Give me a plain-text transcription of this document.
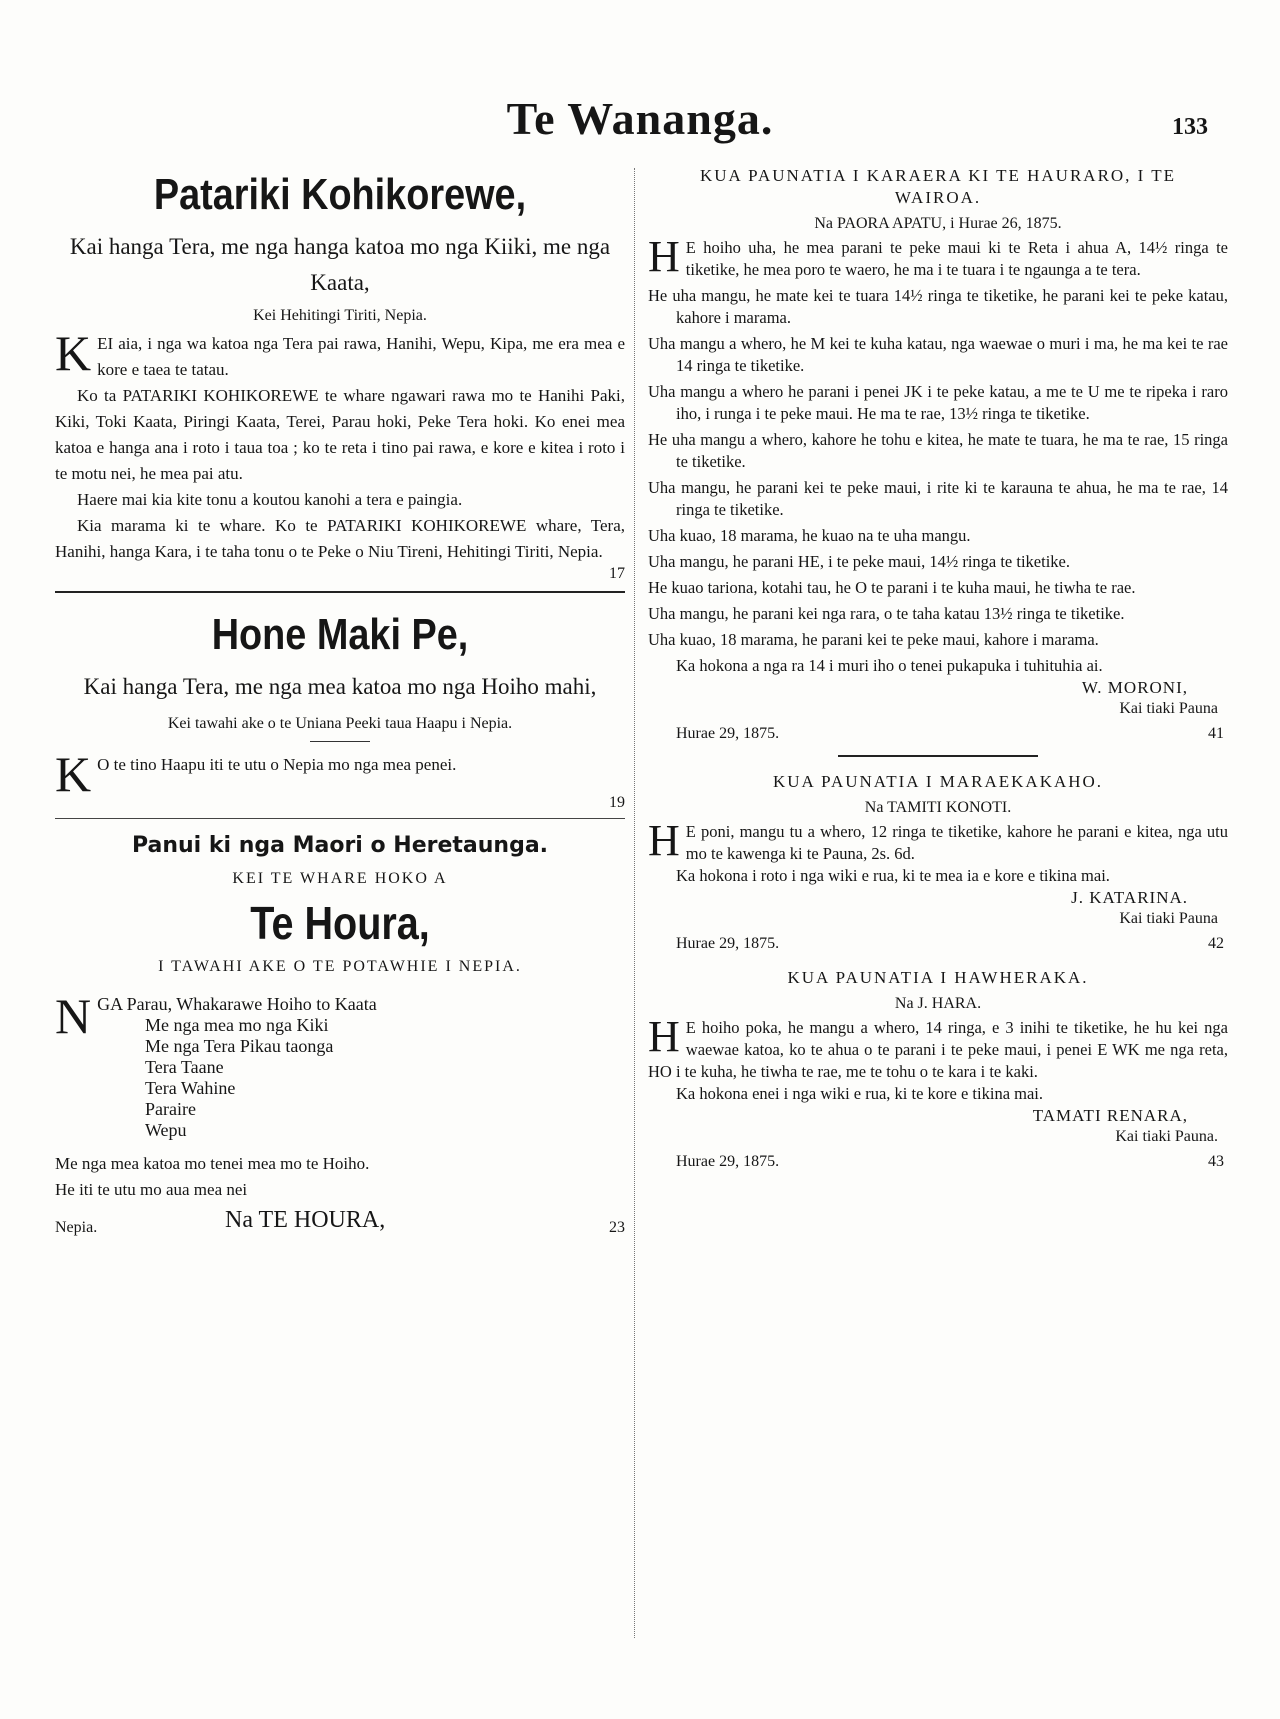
Te Wananga.	133
Patariki Kohikorewe,
Kai hanga Tera, me nga hanga katoa mo nga Kiiki, me nga Kaata,
Kei Hehitingi Tiriti, Nepia.

KEI aia, i nga wa katoa nga Tera pai rawa, Hanihi, Wepu, Kipa, me era mea e kore e taea te tatau.

Ko ta PATARIKI KOHIKOREWE te whare ngawari rawa mo te Hanihi Paki, Kiki, Toki Kaata, Piringi Kaata, Terei, Parau hoki, Peke Tera hoki. Ko enei mea katoa e hanga ana i roto i taua toa ; ko te reta i tino pai rawa, e kore e kitea i roto i te motu nei, he mea pai atu.

Haere mai kia kite tonu a koutou kanohi a tera e paingia.

Kia marama ki te whare. Ko te PATARIKI KOHIKOREWE whare, Tera, Hanihi, hanga Kara, i te taha tonu o te Peke o Niu Tireni, Hehitingi Tiriti, Nepia.

17
Hone Maki Pe,
Kai hanga Tera, me nga mea katoa mo nga Hoiho mahi,
Kei tawahi ake o te Uniana Peeki taua Haapu i Nepia.

K O te tino Haapu iti te utu o Nepia mo nga mea penei.

19
Panui ki nga Maori o Heretaunga.
KEI TE WHARE HOKO A
Te Houra,
I TAWAHI AKE O TE POTAWHIE I NEPIA.
NGA Parau, Whakarawe Hoiho to Kaata
Me nga mea mo nga Kiki
Me nga Tera Pikau taonga
Tera Taane
Tera Wahine
Paraire
Wepu

Me nga mea katoa mo tenei mea mo te Hoiho.

He iti te utu mo aua mea nei

Na TE HOURA,
Nepia.	23
KUA PAUNATIA I KARAERA KI TE HAURARO, I TE WAIROA.
Na PAORA APATU, i Hurae 26, 1875.

H E hoiho uha, he mea parani te peke maui ki te Reta i ahua A, 14½ ringa te tiketike, he mea poro te waero, he ma i te tuara i te ngaunga a te tera.

He uha mangu, he mate kei te tuara 14½ ringa te tiketike, he parani kei te peke katau, kahore i marama.

Uha mangu a whero, he M kei te kuha katau, nga waewae o muri i ma, he ma kei te rae 14 ringa te tiketike.

Uha mangu a whero he parani i penei JK i te peke katau, a me te U me te ripeka i raro iho, i runga i te peke maui. He ma te rae, 13½ ringa te tiketike.

He uha mangu a whero, kahore he tohu e kitea, he mate te tuara, he ma te rae, 15 ringa te tiketike.

Uha mangu, he parani kei te peke maui, i rite ki te karauna te ahua, he ma te rae, 14 ringa te tiketike.

Uha kuao, 18 marama, he kuao na te uha mangu.

Uha mangu, he parani HE, i te peke maui, 14½ ringa te tiketike.

He kuao tariona, kotahi tau, he O te parani i te kuha maui, he tiwha te rae.

Uha mangu, he parani kei nga rara, o te taha katau 13½ ringa te tiketike.

Uha kuao, 18 marama, he parani kei te peke maui, kahore i marama.

Ka hokona a nga ra 14 i muri iho o tenei pukapuka i tuhituhia ai.

W. MORONI,
Kai tiaki Pauna
Hurae 29, 1875.	41
KUA PAUNATIA I MARAEKAKAHO.
Na TAMITI KONOTI.

H E poni, mangu tu a whero, 12 ringa te tiketike, kahore he parani e kitea, nga utu mo te kawenga ki te Pauna, 2s. 6d.

Ka hokona i roto i nga wiki e rua, ki te mea ia e kore e tikina mai.

J. KATARINA.
Kai tiaki Pauna
Hurae 29, 1875.	42
KUA PAUNATIA I HAWHERAKA.
Na J. HARA.

H E hoiho poka, he mangu a whero, 14 ringa, e 3 inihi te tiketike, he hu kei nga waewae katoa, ko te ahua o te parani i te peke maui, i penei E WK me nga reta, HO i te kuha, he tiwha te rae, me te tohu o te kara i te kaki.

Ka hokona enei i nga wiki e rua, ki te kore e tikina mai.

TAMATI RENARA,
Kai tiaki Pauna.
Hurae 29, 1875.	43
